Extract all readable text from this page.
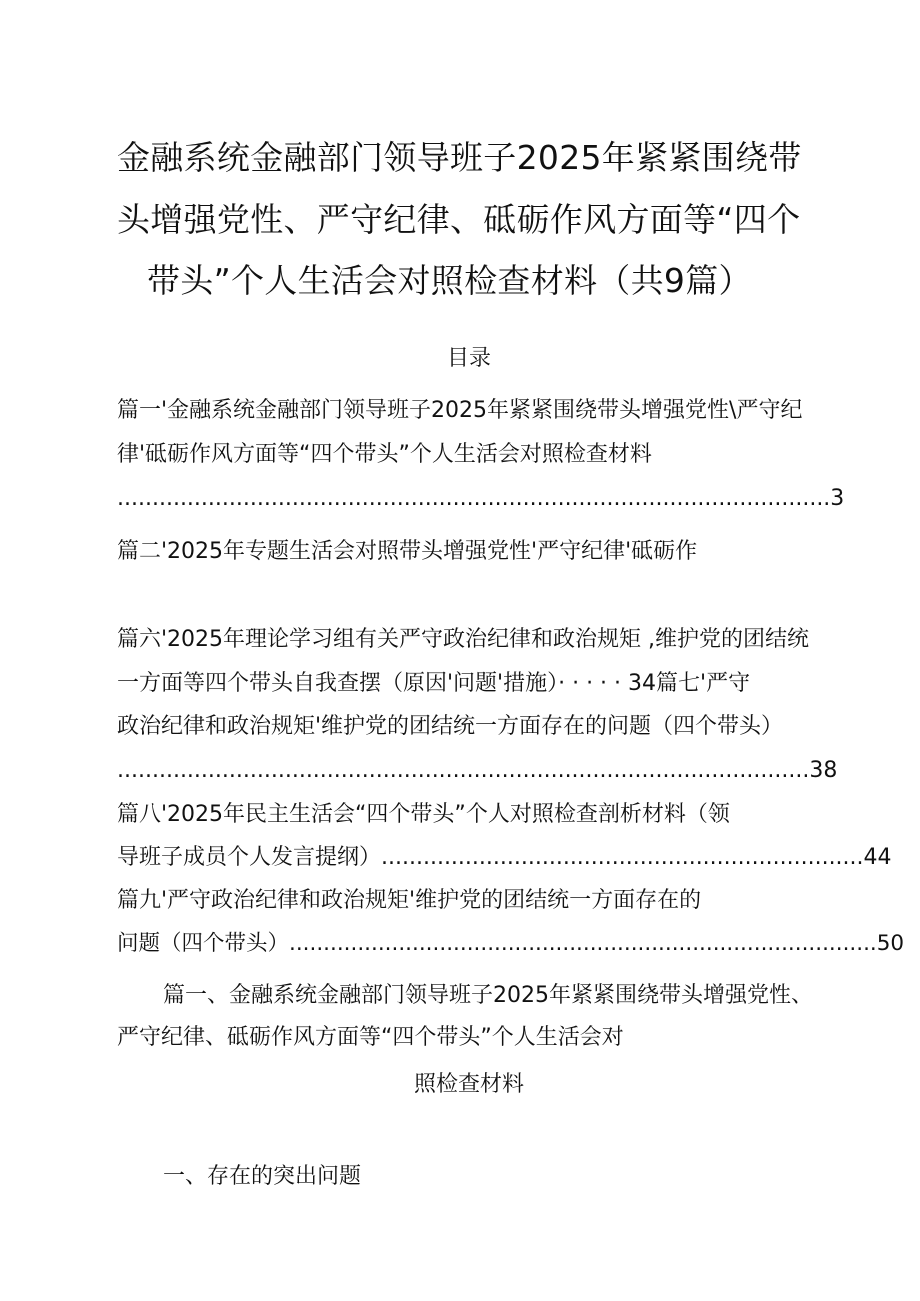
金融系统金融部门领导班子2025年紧紧围绕带
头增强党性、严守纪律、砥砺作风方面等“四个
带头”个人生活会对照检查材料（共9篇）
目录
篇一'金融系统金融部门领导班子2025年紧紧围绕带头增强党性\严守纪
律'砥砺作风方面等“四个带头”个人生活会对照检查材料
......................................................................................................3
篇二'2025年专题生活会对照带头增强党性'严守纪律'砥砺作
篇六'2025年理论学习组有关严守政治纪律和政治规矩 ,维护党的团结统
一方面等四个带头自我查摆（原因'问题'措施）· · · · · 34篇七'严守
政治纪律和政治规矩'维护党的团结统一方面存在的问题（四个带头）
...................................................................................................38
篇八'2025年民主生活会“四个带头”个人对照检查剖析材料（领
导班子成员个人发言提纲）.....................................................................44
篇九'严守政治纪律和政治规矩'维护党的团结统一方面存在的
问题（四个带头）......................................................................................50
篇一、金融系统金融部门领导班子2025年紧紧围绕带头增强党性、
严守纪律、砥砺作风方面等“四个带头”个人生活会对
照检查材料
一、存在的突出问题
